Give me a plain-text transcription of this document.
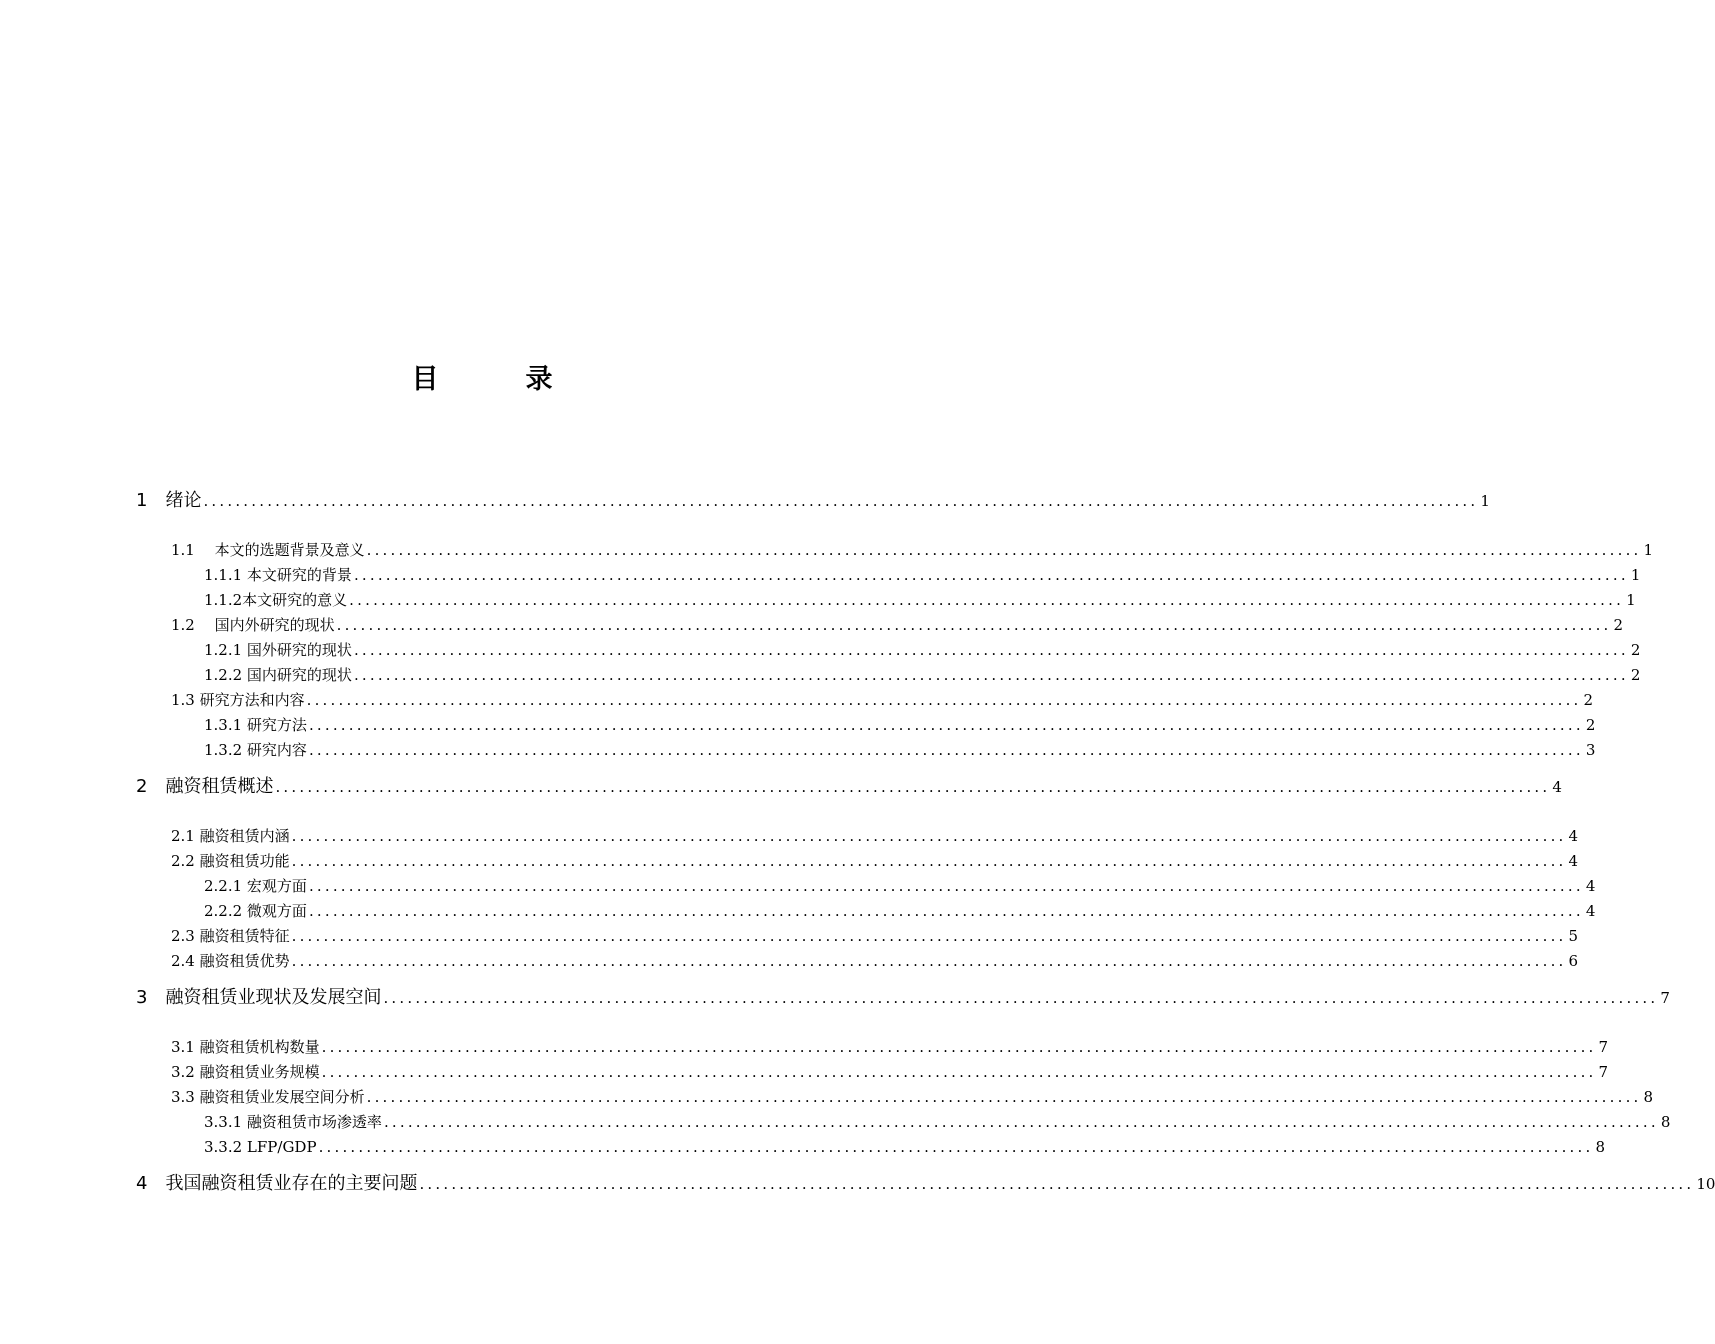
目　录
1　绪论 ................................................................................................................................................................ 1
1.1　 本文的选题背景及意义 ................................................................................................................................................................ 1
1.1.1 本文研究的背景 ................................................................................................................................................................ 1
1.1.2本文研究的意义 ................................................................................................................................................................ 1
1.2　 国内外研究的现状 ................................................................................................................................................................ 2
1.2.1 国外研究的现状 ................................................................................................................................................................ 2
1.2.2 国内研究的现状 ................................................................................................................................................................ 2
1.3 研究方法和内容 ................................................................................................................................................................ 2
1.3.1 研究方法 ................................................................................................................................................................ 2
1.3.2 研究内容 ................................................................................................................................................................ 3
2　融资租赁概述 ................................................................................................................................................................ 4
2.1 融资租赁内涵 ................................................................................................................................................................ 4
2.2 融资租赁功能 ................................................................................................................................................................ 4
2.2.1 宏观方面 ................................................................................................................................................................ 4
2.2.2 微观方面 ................................................................................................................................................................ 4
2.3 融资租赁特征 ................................................................................................................................................................ 5
2.4 融资租赁优势 ................................................................................................................................................................ 6
3　融资租赁业现状及发展空间 ................................................................................................................................................................ 7
3.1 融资租赁机构数量 ................................................................................................................................................................ 7
3.2 融资租赁业务规模 ................................................................................................................................................................ 7
3.3 融资租赁业发展空间分析 ................................................................................................................................................................ 8
3.3.1 融资租赁市场渗透率 ................................................................................................................................................................ 8
3.3.2 LFP/GDP ................................................................................................................................................................ 8
4　我国融资租赁业存在的主要问题 ................................................................................................................................................................ 10
